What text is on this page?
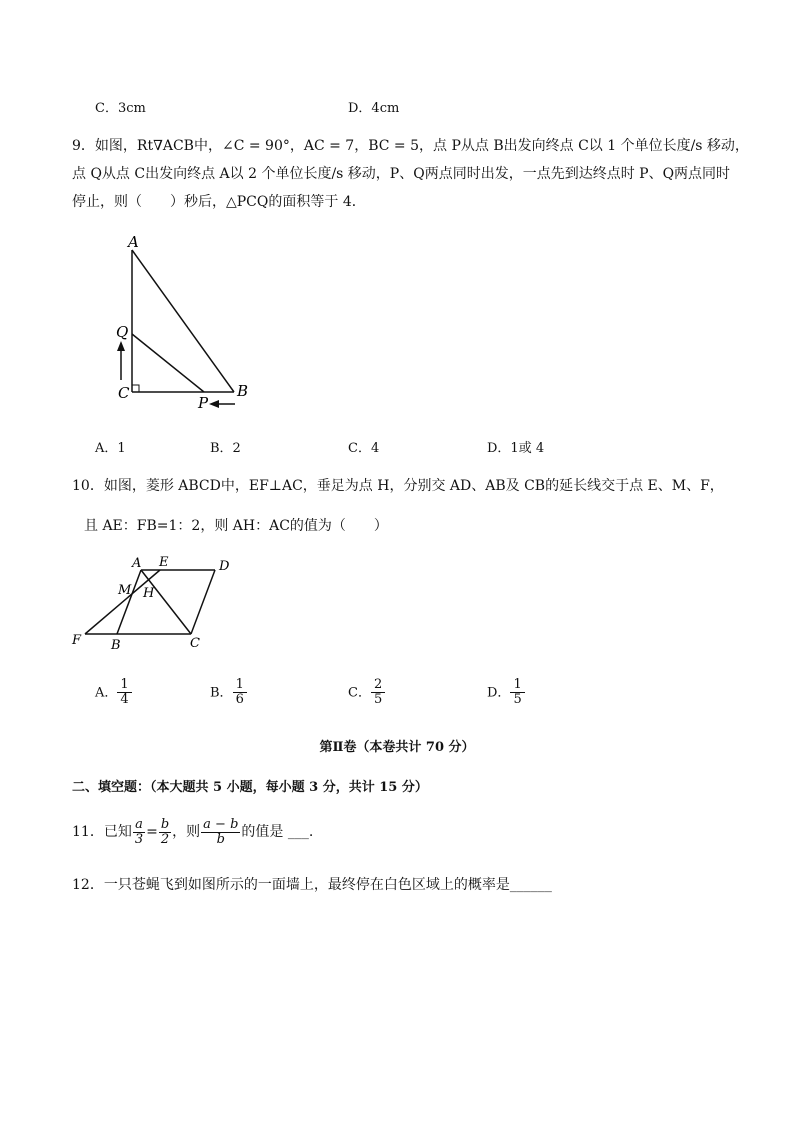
C．3cm	D．4cm
9．如图，Rt∇ACB中，∠C = 90°，AC = 7，BC = 5，点 P从点 B出发向终点 C以 1 个单位长度/s 移动，
点 Q从点 C出发向终点 A以 2 个单位长度/s 移动，P、Q两点同时出发，一点先到达终点时 P、Q两点同时
停止，则（　　）秒后，△PCQ的面积等于 4．
A
Q
C
P
B
A．1	B．2	C．4	D．1或 4
10．如图，菱形 ABCD中，EF⊥AC，垂足为点 H，分别交 AD、AB及 CB的延长线交于点 E、M、F，
且 AE：FB=1：2，则 AH：AC的值为（　　）
A E	D
M H
F B	C
A． $\frac{1}{4}$	B． $\frac{1}{6}$	C． $\frac{2}{5}$	D． $\frac{1}{5}$
第Ⅱ卷（本卷共计 70 分）
二、填空题：（本大题共 5 小题，每小题 3 分，共计 15 分）
11．已知 $\frac{a}{3} = \frac{b}{2}$ ，则 $\frac{a - b}{b}$ 的值是 ___.
12．一只苍蝇飞到如图所示的一面墙上，最终停在白色区域上的概率是______
